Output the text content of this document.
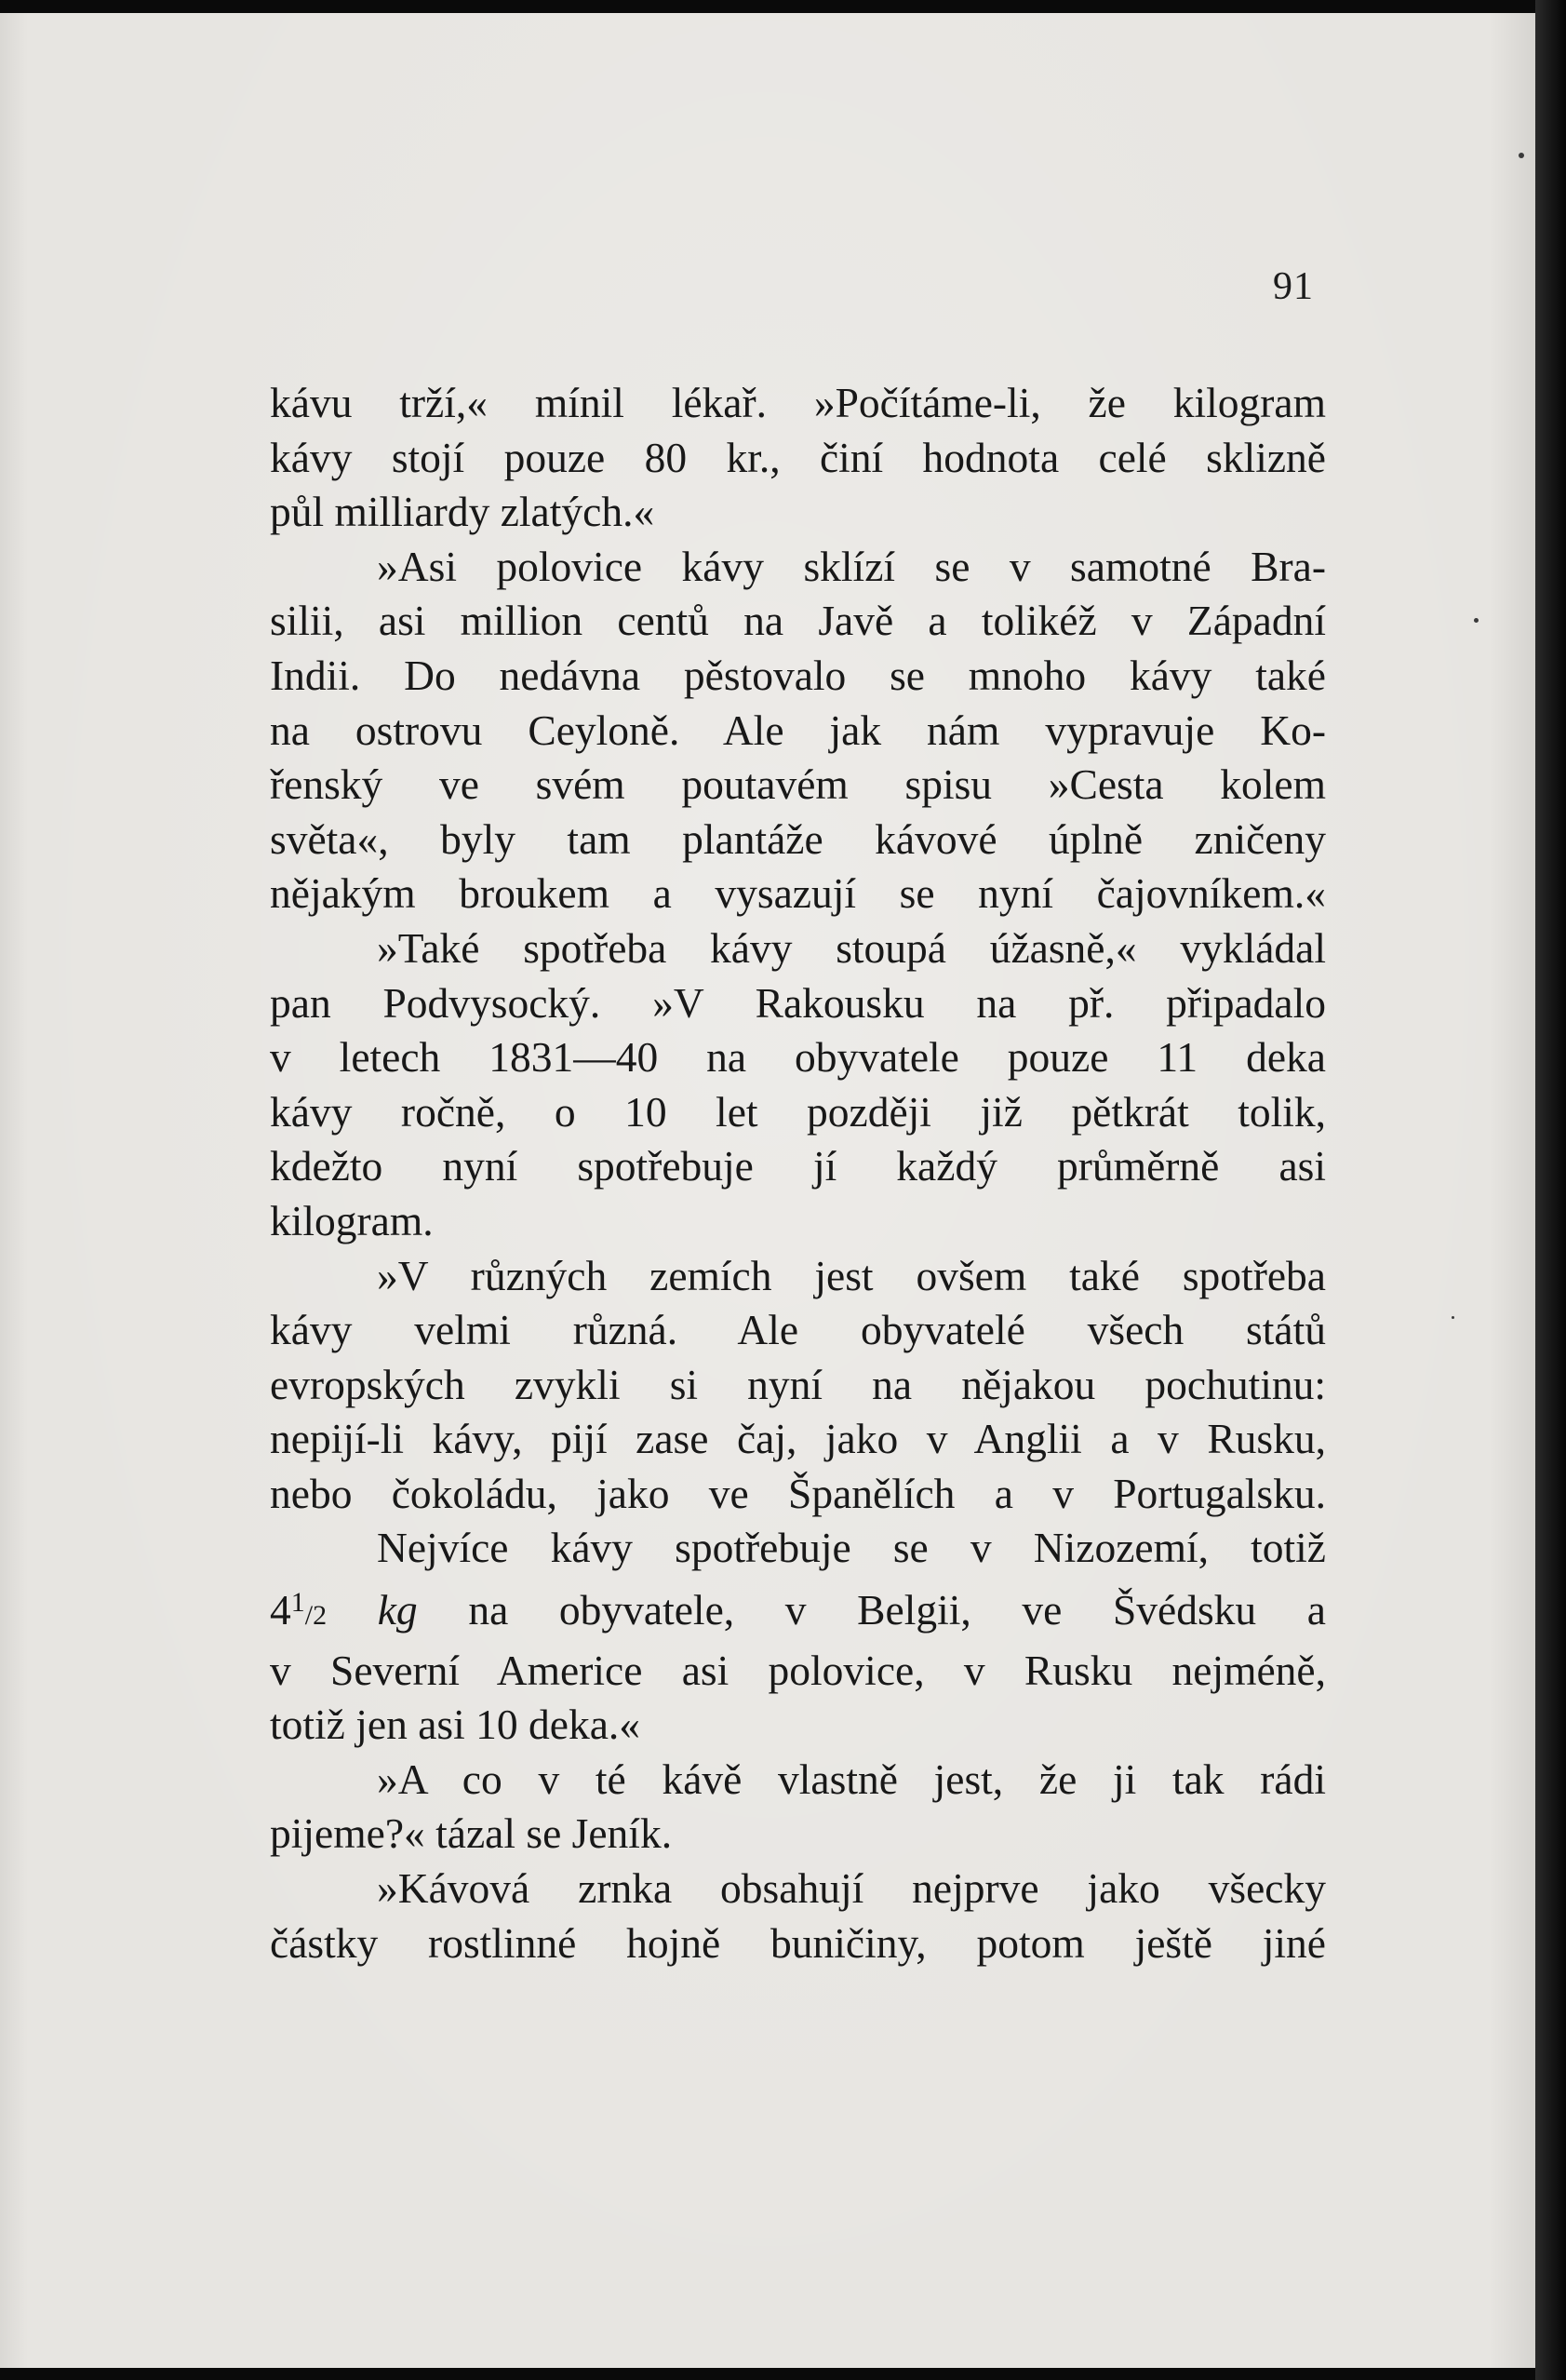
91
kávu trží,« mínil lékař. »Počítáme-li, že kilogram
kávy stojí pouze 80 kr., činí hodnota celé sklizně
půl milliardy zlatých.«
»Asi polovice kávy sklízí se v samotné Bra-
silii, asi million centů na Javě a tolikéž v Západní
Indii. Do nedávna pěstovalo se mnoho kávy také
na ostrovu Ceyloně. Ale jak nám vypravuje Ko-
řenský ve svém poutavém spisu »Cesta kolem
světa«, byly tam plantáže kávové úplně zničeny
nějakým broukem a vysazují se nyní čajovníkem.«
»Také spotřeba kávy stoupá úžasně,« vykládal
pan Podvysocký. »V Rakousku na př. připadalo
v letech 1831—40 na obyvatele pouze 11 deka
kávy ročně, o 10 let později již pětkrát tolik,
kdežto nyní spotřebuje jí každý průměrně asi
kilogram.
»V různých zemích jest ovšem také spotřeba
kávy velmi různá. Ale obyvatelé všech států
evropských zvykli si nyní na nějakou pochutinu:
nepijí-li kávy, pijí zase čaj, jako v Anglii a v Rusku,
nebo čokoládu, jako ve Španělích a v Portugalsku.
Nejvíce kávy spotřebuje se v Nizozemí, totiž
$4^1/2$ kg na obyvatele, v Belgii, ve Švédsku a
v Severní Americe asi polovice, v Rusku nejméně,
totiž jen asi 10 deka.«
»A co v té kávě vlastně jest, že ji tak rádi
pijeme?« tázal se Jeník.
»Kávová zrnka obsahují nejprve jako všecky
částky rostlinné hojně buničiny, potom ještě jiné
